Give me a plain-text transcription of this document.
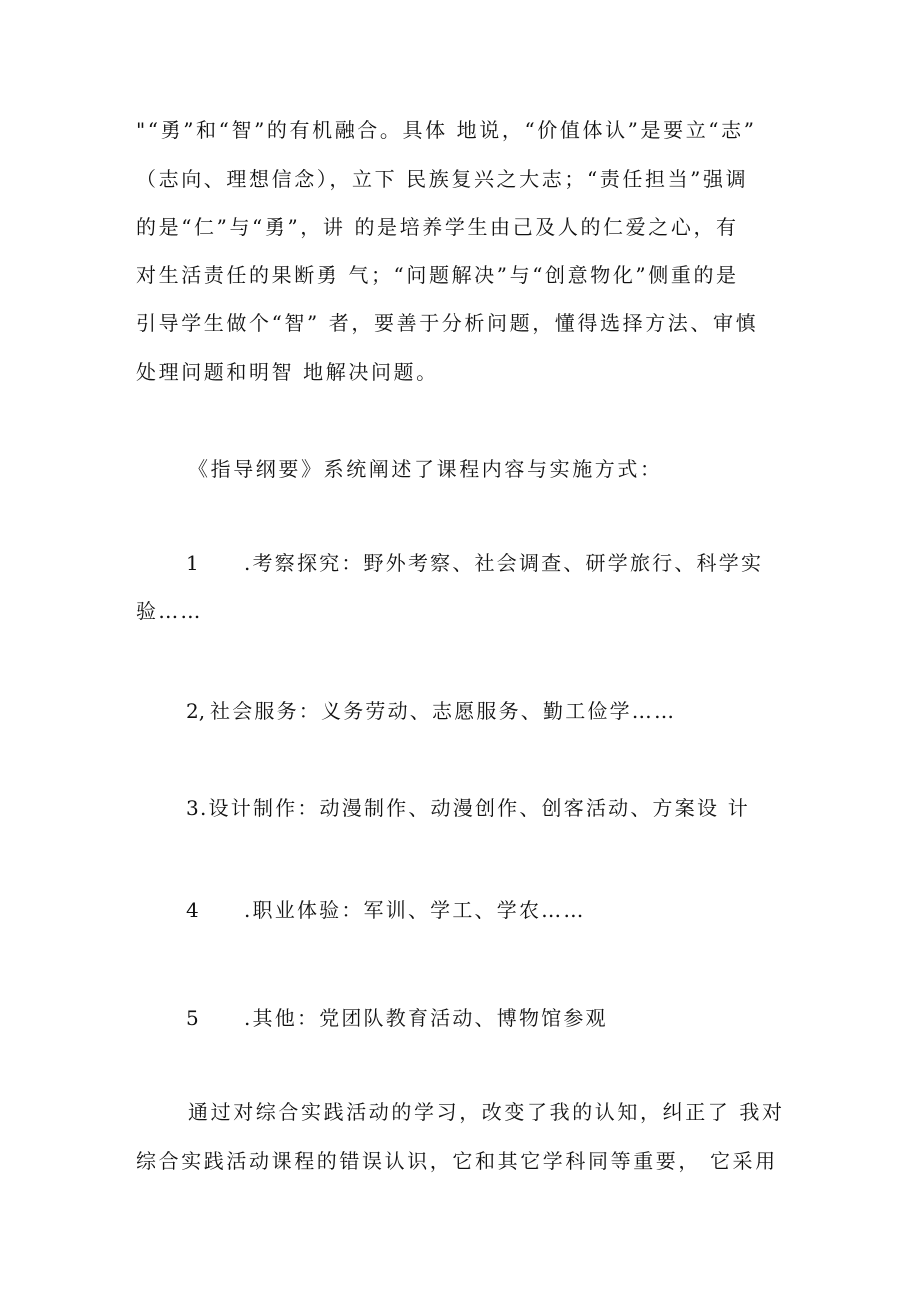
"“勇”和“智”的有机融合。具体 地说，“价值体认”是要立“志”
（志向、理想信念），立下 民族复兴之大志；“责任担当”强调
的是“仁”与“勇”，讲 的是培养学生由己及人的仁爱之心，有
对生活责任的果断勇 气；“问题解决”与“创意物化”侧重的是
引导学生做个“智” 者，要善于分析问题，懂得选择方法、审慎
处理问题和明智 地解决问题。
《指导纲要》系统阐述了课程内容与实施方式：
1 .考察探究：野外考察、社会调查、研学旅行、科学实
验……
2, 社会服务：义务劳动、志愿服务、勤工俭学……
3 .设计制作：动漫制作、动漫创作、创客活动、方案设 计
4 .职业体验：军训、学工、学农……
5 .其他：党团队教育活动、博物馆参观
通过对综合实践活动的学习，改变了我的认知，纠正了 我对
综合实践活动课程的错误认识，它和其它学科同等重要， 它采用
